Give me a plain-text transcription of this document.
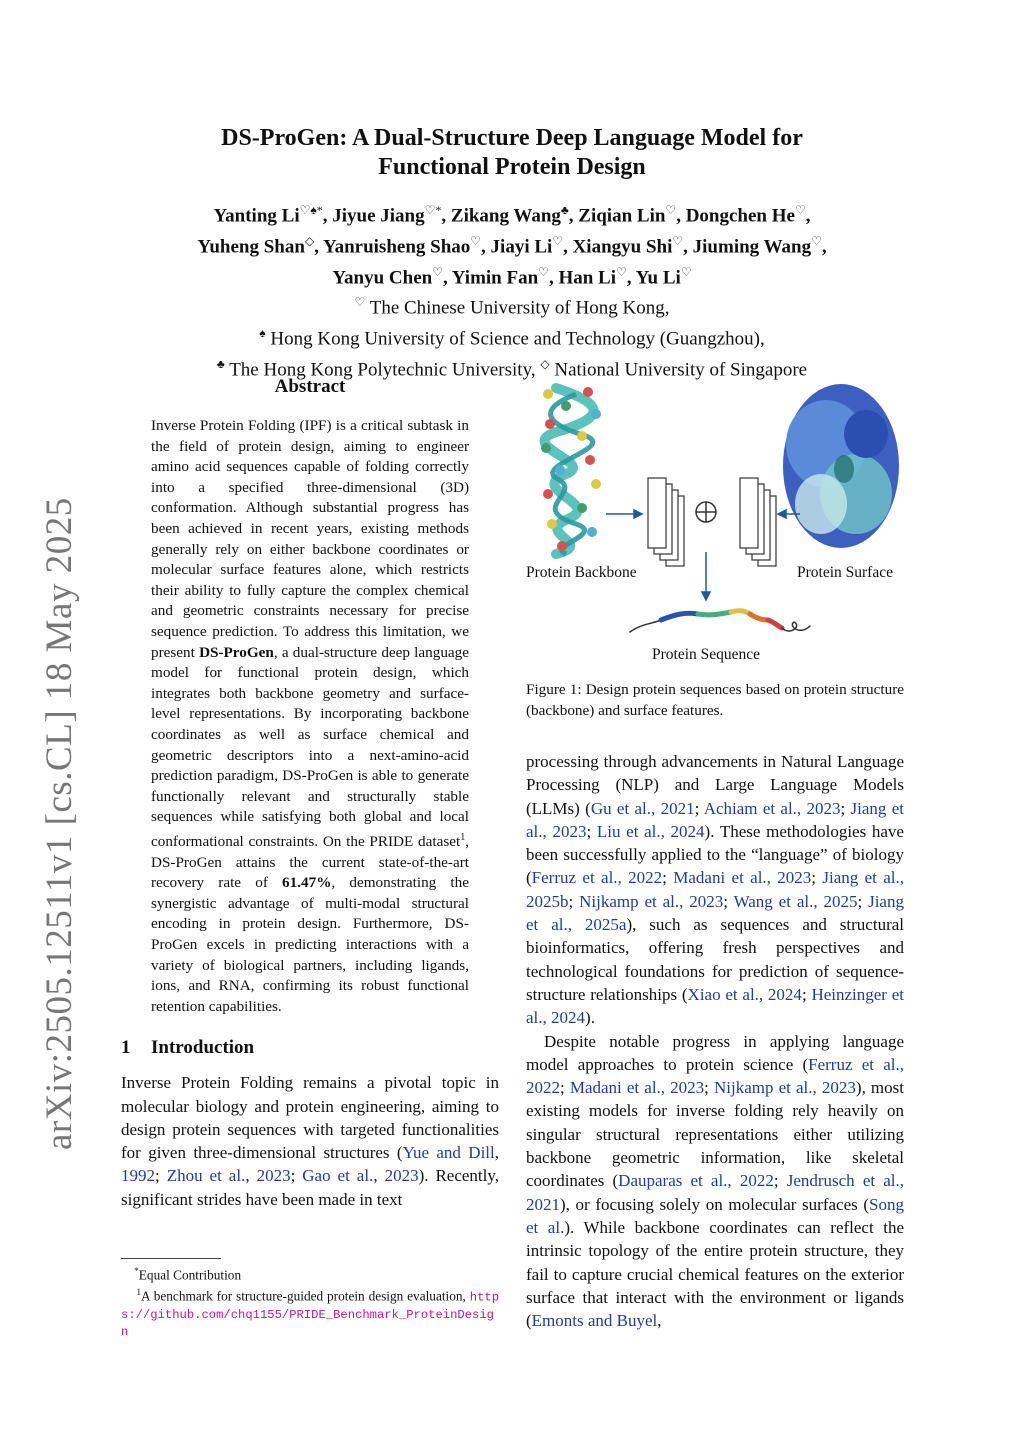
arXiv:2505.12511v1 [cs.CL] 18 May 2025
DS-ProGen: A Dual-Structure Deep Language Model for
Functional Protein Design
Yanting Li♡♠*, Jiyue Jiang♡*, Zikang Wang♣, Ziqian Lin♡, Dongchen He♡,
Yuheng Shan◇, Yanruisheng Shao♡, Jiayi Li♡, Xiangyu Shi♡, Jiuming Wang♡,
Yanyu Chen♡, Yimin Fan♡, Han Li♡, Yu Li♡
♡ The Chinese University of Hong Kong,
♠ Hong Kong University of Science and Technology (Guangzhou),
♣ The Hong Kong Polytechnic University, ◇ National University of Singapore
Abstract
Inverse Protein Folding (IPF) is a critical subtask in the field of protein design, aiming to engineer amino acid sequences capable of folding correctly into a specified three-dimensional (3D) conformation. Although substantial progress has been achieved in recent years, existing methods generally rely on either backbone coordinates or molecular surface features alone, which restricts their ability to fully capture the complex chemical and geometric constraints necessary for precise sequence prediction. To address this limitation, we present DS-ProGen, a dual-structure deep language model for functional protein design, which integrates both backbone geometry and surface-level representations. By incorporating backbone coordinates as well as surface chemical and geometric descriptors into a next-amino-acid prediction paradigm, DS-ProGen is able to generate functionally relevant and structurally stable sequences while satisfying both global and local conformational constraints. On the PRIDE dataset$^1$, DS-ProGen attains the current state-of-the-art recovery rate of 61.47%, demonstrating the synergistic advantage of multi-modal structural encoding in protein design. Furthermore, DS-ProGen excels in predicting interactions with a variety of biological partners, including ligands, ions, and RNA, confirming its robust functional retention capabilities.
1 Introduction

Inverse Protein Folding remains a pivotal topic in molecular biology and protein engineering, aiming to design protein sequences with targeted functionalities for given three-dimensional structures (Yue and Dill, 1992; Zhou et al., 2023; Gao et al., 2023). Recently, significant strides have been made in text

*Equal Contribution
$^1$A benchmark for structure-guided protein design evaluation, https://github.com/chq1155/PRIDE_Benchmark_ProteinDesign
Protein Backbone	Protein Surface
Protein Sequence
Figure 1: Design protein sequences based on protein structure (backbone) and surface features.

processing through advancements in Natural Language Processing (NLP) and Large Language Models (LLMs) (Gu et al., 2021; Achiam et al., 2023; Jiang et al., 2023; Liu et al., 2024). These methodologies have been successfully applied to the “language” of biology (Ferruz et al., 2022; Madani et al., 2023; Jiang et al., 2025b; Nijkamp et al., 2023; Wang et al., 2025; Jiang et al., 2025a), such as sequences and structural bioinformatics, offering fresh perspectives and technological foundations for prediction of sequence-structure relationships (Xiao et al., 2024; Heinzinger et al., 2024).

Despite notable progress in applying language model approaches to protein science (Ferruz et al., 2022; Madani et al., 2023; Nijkamp et al., 2023), most existing models for inverse folding rely heavily on singular structural representations either utilizing backbone geometric information, like skeletal coordinates (Dauparas et al., 2022; Jendrusch et al., 2021), or focusing solely on molecular surfaces (Song et al.). While backbone coordinates can reflect the intrinsic topology of the entire protein structure, they fail to capture crucial chemical features on the exterior surface that interact with the environment or ligands (Emonts and Buyel,
